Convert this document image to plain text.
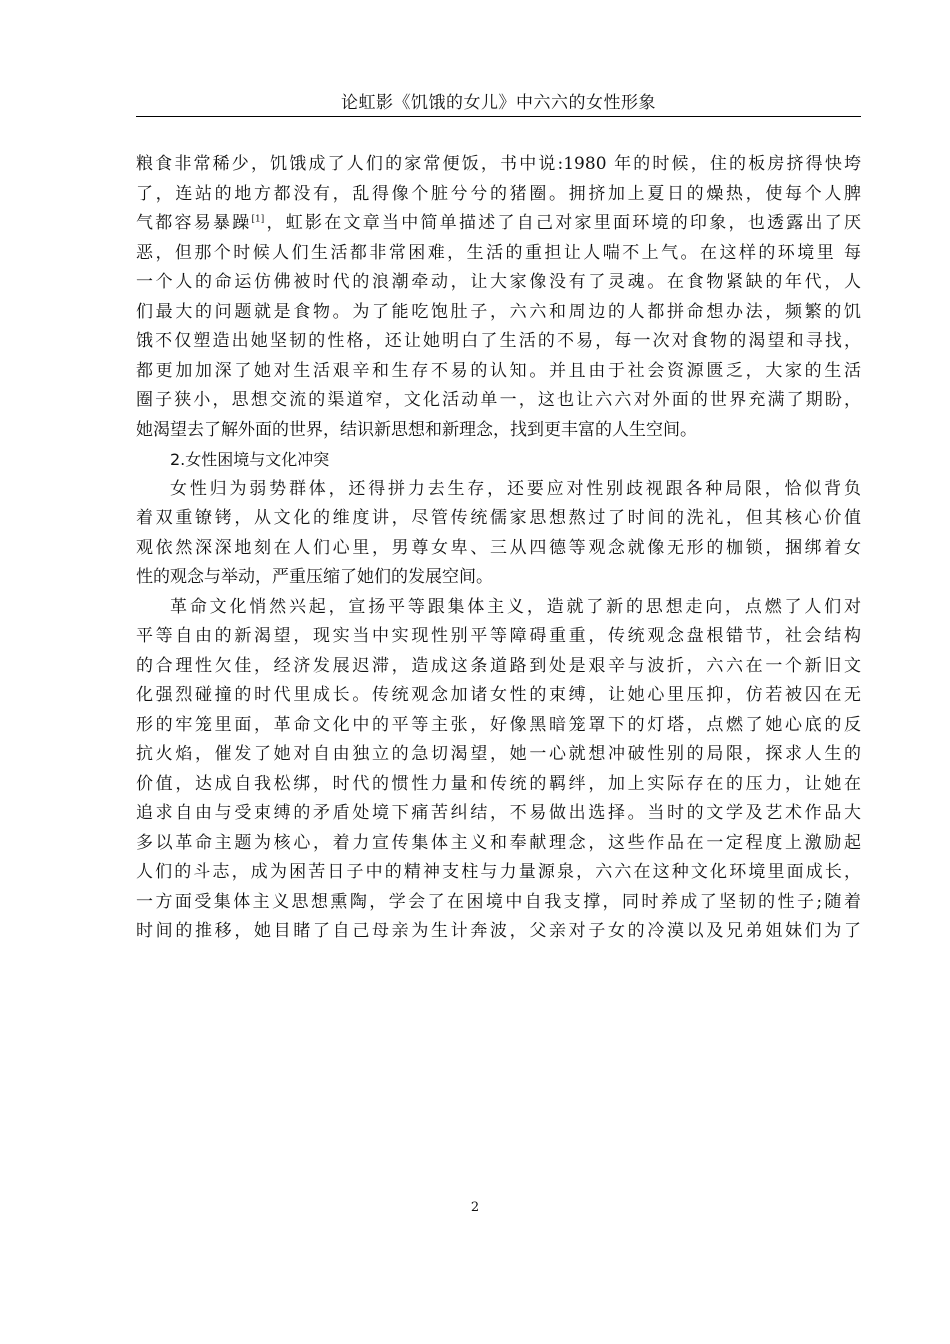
论虹影《饥饿的女儿》中六六的女性形象
粮食非常稀少，饥饿成了人们的家常便饭，书中说:1980 年的时候，住的板房挤得快垮
了，连站的地方都没有，乱得像个脏兮兮的猪圈。拥挤加上夏日的燥热，使每个人脾
气都容易暴躁[1]，虹影在文章当中简单描述了自己对家里面环境的印象，也透露出了厌
恶，但那个时候人们生活都非常困难，生活的重担让人喘不上气。在这样的环境里 每
一个人的命运仿佛被时代的浪潮牵动，让大家像没有了灵魂。在食物紧缺的年代，人
们最大的问题就是食物。为了能吃饱肚子，六六和周边的人都拼命想办法，频繁的饥
饿不仅塑造出她坚韧的性格，还让她明白了生活的不易，每一次对食物的渴望和寻找，
都更加加深了她对生活艰辛和生存不易的认知。并且由于社会资源匮乏，大家的生活
圈子狭小，思想交流的渠道窄，文化活动单一，这也让六六对外面的世界充满了期盼，
她渴望去了解外面的世界，结识新思想和新理念，找到更丰富的人生空间。
2.女性困境与文化冲突
女性归为弱势群体，还得拼力去生存，还要应对性别歧视跟各种局限，恰似背负
着双重镣铐，从文化的维度讲，尽管传统儒家思想熬过了时间的洗礼，但其核心价值
观依然深深地刻在人们心里，男尊女卑、三从四德等观念就像无形的枷锁，捆绑着女
性的观念与举动，严重压缩了她们的发展空间。
革命文化悄然兴起，宣扬平等跟集体主义，造就了新的思想走向，点燃了人们对
平等自由的新渴望，现实当中实现性别平等障碍重重，传统观念盘根错节，社会结构
的合理性欠佳，经济发展迟滞，造成这条道路到处是艰辛与波折，六六在一个新旧文
化强烈碰撞的时代里成长。传统观念加诸女性的束缚，让她心里压抑，仿若被囚在无
形的牢笼里面，革命文化中的平等主张，好像黑暗笼罩下的灯塔，点燃了她心底的反
抗火焰，催发了她对自由独立的急切渴望，她一心就想冲破性别的局限，探求人生的
价值，达成自我松绑，时代的惯性力量和传统的羁绊，加上实际存在的压力，让她在
追求自由与受束缚的矛盾处境下痛苦纠结，不易做出选择。当时的文学及艺术作品大
多以革命主题为核心，着力宣传集体主义和奉献理念，这些作品在一定程度上激励起
人们的斗志，成为困苦日子中的精神支柱与力量源泉，六六在这种文化环境里面成长，
一方面受集体主义思想熏陶，学会了在困境中自我支撑，同时养成了坚韧的性子;随着
时间的推移，她目睹了自己母亲为生计奔波，父亲对子女的冷漠以及兄弟姐妹们为了
2
